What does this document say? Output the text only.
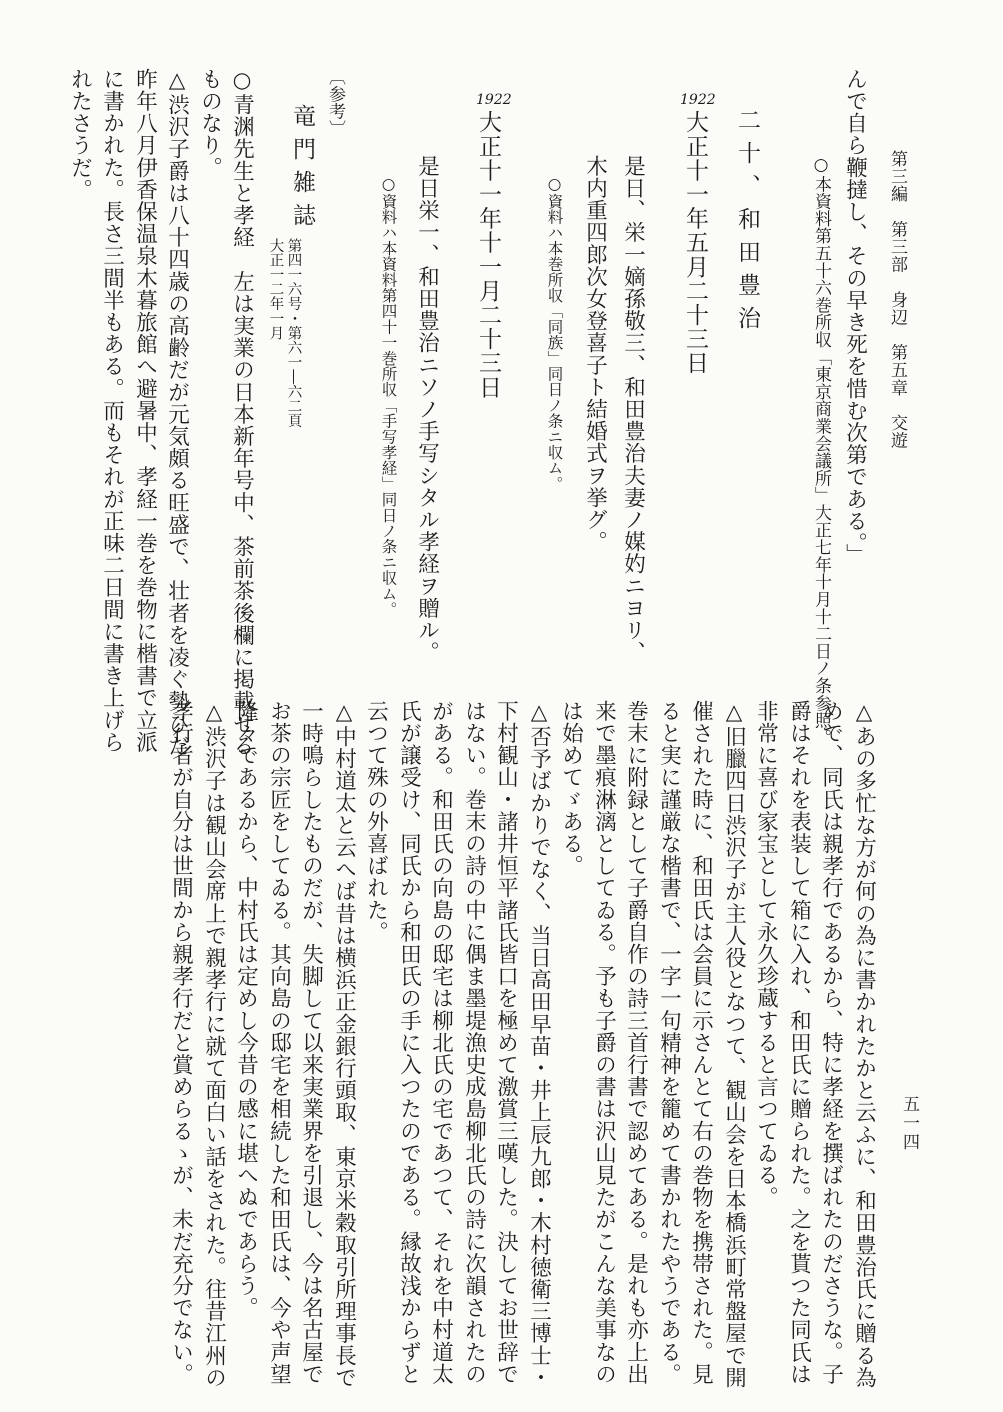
第三編　第三部　身辺　第五章　交遊
五一四
んで自ら鞭撻し、その早き死を惜む次第である。」
○本資料第五十六巻所収「東京商業会議所」大正七年十月十二日ノ条参照。
二十、和田豊治
1922
大正十一年五月二十三日
是日、栄一嫡孫敬三、和田豊治夫妻ノ媒妁ニヨリ、
木内重四郎次女登喜子ト結婚式ヲ挙グ。
○資料ハ本巻所収「同族」同日ノ条ニ収ム。
1922
大正十一年十一月二十三日
是日栄一、和田豊治ニソノ手写シタル孝経ヲ贈ル。
○資料ハ本資料第四十一巻所収「手写孝経」同日ノ条ニ収ム。
〔参考〕
竜門雑誌
第四一六号・第六一―六二頁
大正一二年一月
○青渊先生と孝経　左は実業の日本新年号中、茶前茶後欄に掲載せる
ものなり。
△渋沢子爵は八十四歳の高齢だが元気頗る旺盛で、壮者を凌ぐ勢ひだ
昨年八月伊香保温泉木暮旅館へ避暑中、孝経一巻を巻物に楷書で立派
に書かれた。長さ三間半もある。而もそれが正味二日間に書き上げら
れたさうだ。
△あの多忙な方が何の為に書かれたかと云ふに、和田豊治氏に贈る為
めで、同氏は親孝行であるから、特に孝経を撰ばれたのださうな。子
爵はそれを表装して箱に入れ、和田氏に贈られた。之を貰つた同氏は
非常に喜び家宝として永久珍蔵すると言つてゐる。
△旧臘四日渋沢子が主人役となつて、観山会を日本橋浜町常盤屋で開
催された時に、和田氏は会員に示さんとて右の巻物を携帯された。見
ると実に謹厳な楷書で、一字一句精神を籠めて書かれたやうである。
巻末に附録として子爵自作の詩三首行書で認めてある。是れも亦上出
来で墨痕淋漓としてゐる。予も子爵の書は沢山見たがこんな美事なの
は始めてゞある。
△否予ばかりでなく、当日高田早苗・井上辰九郎・木村徳衛三博士・
下村観山・諸井恒平諸氏皆口を極めて激賞三嘆した。決してお世辞で
はない。巻末の詩の中に偶ま墨堤漁史成島柳北氏の詩に次韻されたの
がある。和田氏の向島の邸宅は柳北氏の宅であつて、それを中村道太
氏が譲受け、同氏から和田氏の手に入つたのである。縁故浅からずと
云つて殊の外喜ばれた。
△中村道太と云へば昔は横浜正金銀行頭取、東京米穀取引所理事長で
一時鳴らしたものだが、失脚して以来実業界を引退し、今は名古屋で
お茶の宗匠をしてゐる。其向島の邸宅を相続した和田氏は、今や声望
隆々であるから、中村氏は定めし今昔の感に堪へぬであらう。
△渋沢子は観山会席上で親孝行に就て面白い話をされた。往昔江州の
孝行者が自分は世間から親孝行だと賞めらるゝが、未だ充分でない。
